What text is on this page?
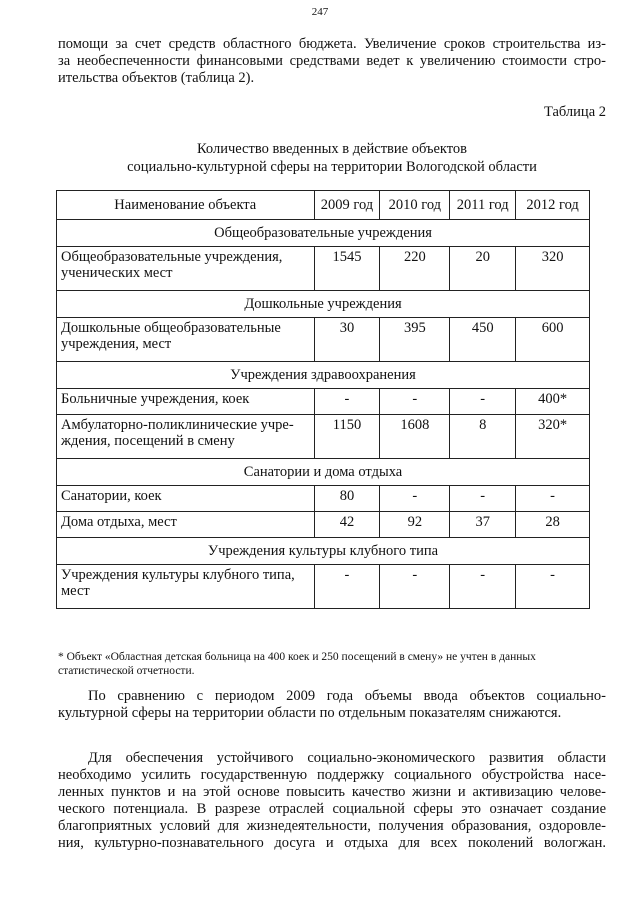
247

помощи за счет средств областного бюджета. Увеличение сроков строительства из-
за необеспеченности финансовыми средствами ведет к увеличению стоимости стро-
ительства объектов (таблица 2).

Таблица 2
Количество введенных в действие объектов
социально-культурной сферы на территории Вологодской области
Наименование объекта	2009 год	2010 год	2011 год	2012 год
Общеобразовательные учреждения				
Общеобразовательные учреждения, ученических мест	1545	220	20	320
Дошкольные учреждения				
Дошкольные общеобразовательные учреждения, мест	30	395	450	600
Учреждения здравоохранения				
Больничные учреждения, коек	-	-	-	400*
Амбулаторно-поликлинические учре-ждения, посещений в смену	1150	1608	8	320*
Санатории и дома отдыха				
Санатории, коек	80	-	-	-
Дома отдыха, мест	42	92	37	28
Учреждения культуры клубного типа				
Учреждения культуры клубного типа, мест	-	-	-	-
* Объект «Областная детская больница на 400 коек и 250 посещений в смену» не учтен в данных статистической отчетности.

По сравнению с периодом 2009 года объемы ввода объектов социально-
культурной сферы на территории области по отдельным показателям снижаются.

Для обеспечения устойчивого социально-экономического развития области
необходимо усилить государственную поддержку социального обустройства насе-
ленных пунктов и на этой основе повысить качество жизни и активизацию челове-
ческого потенциала. В разрезе отраслей социальной сферы это означает создание
благоприятных условий для жизнедеятельности, получения образования, оздоровле-
ния, культурно-познавательного досуга и отдыха для всех поколений вологжан.
